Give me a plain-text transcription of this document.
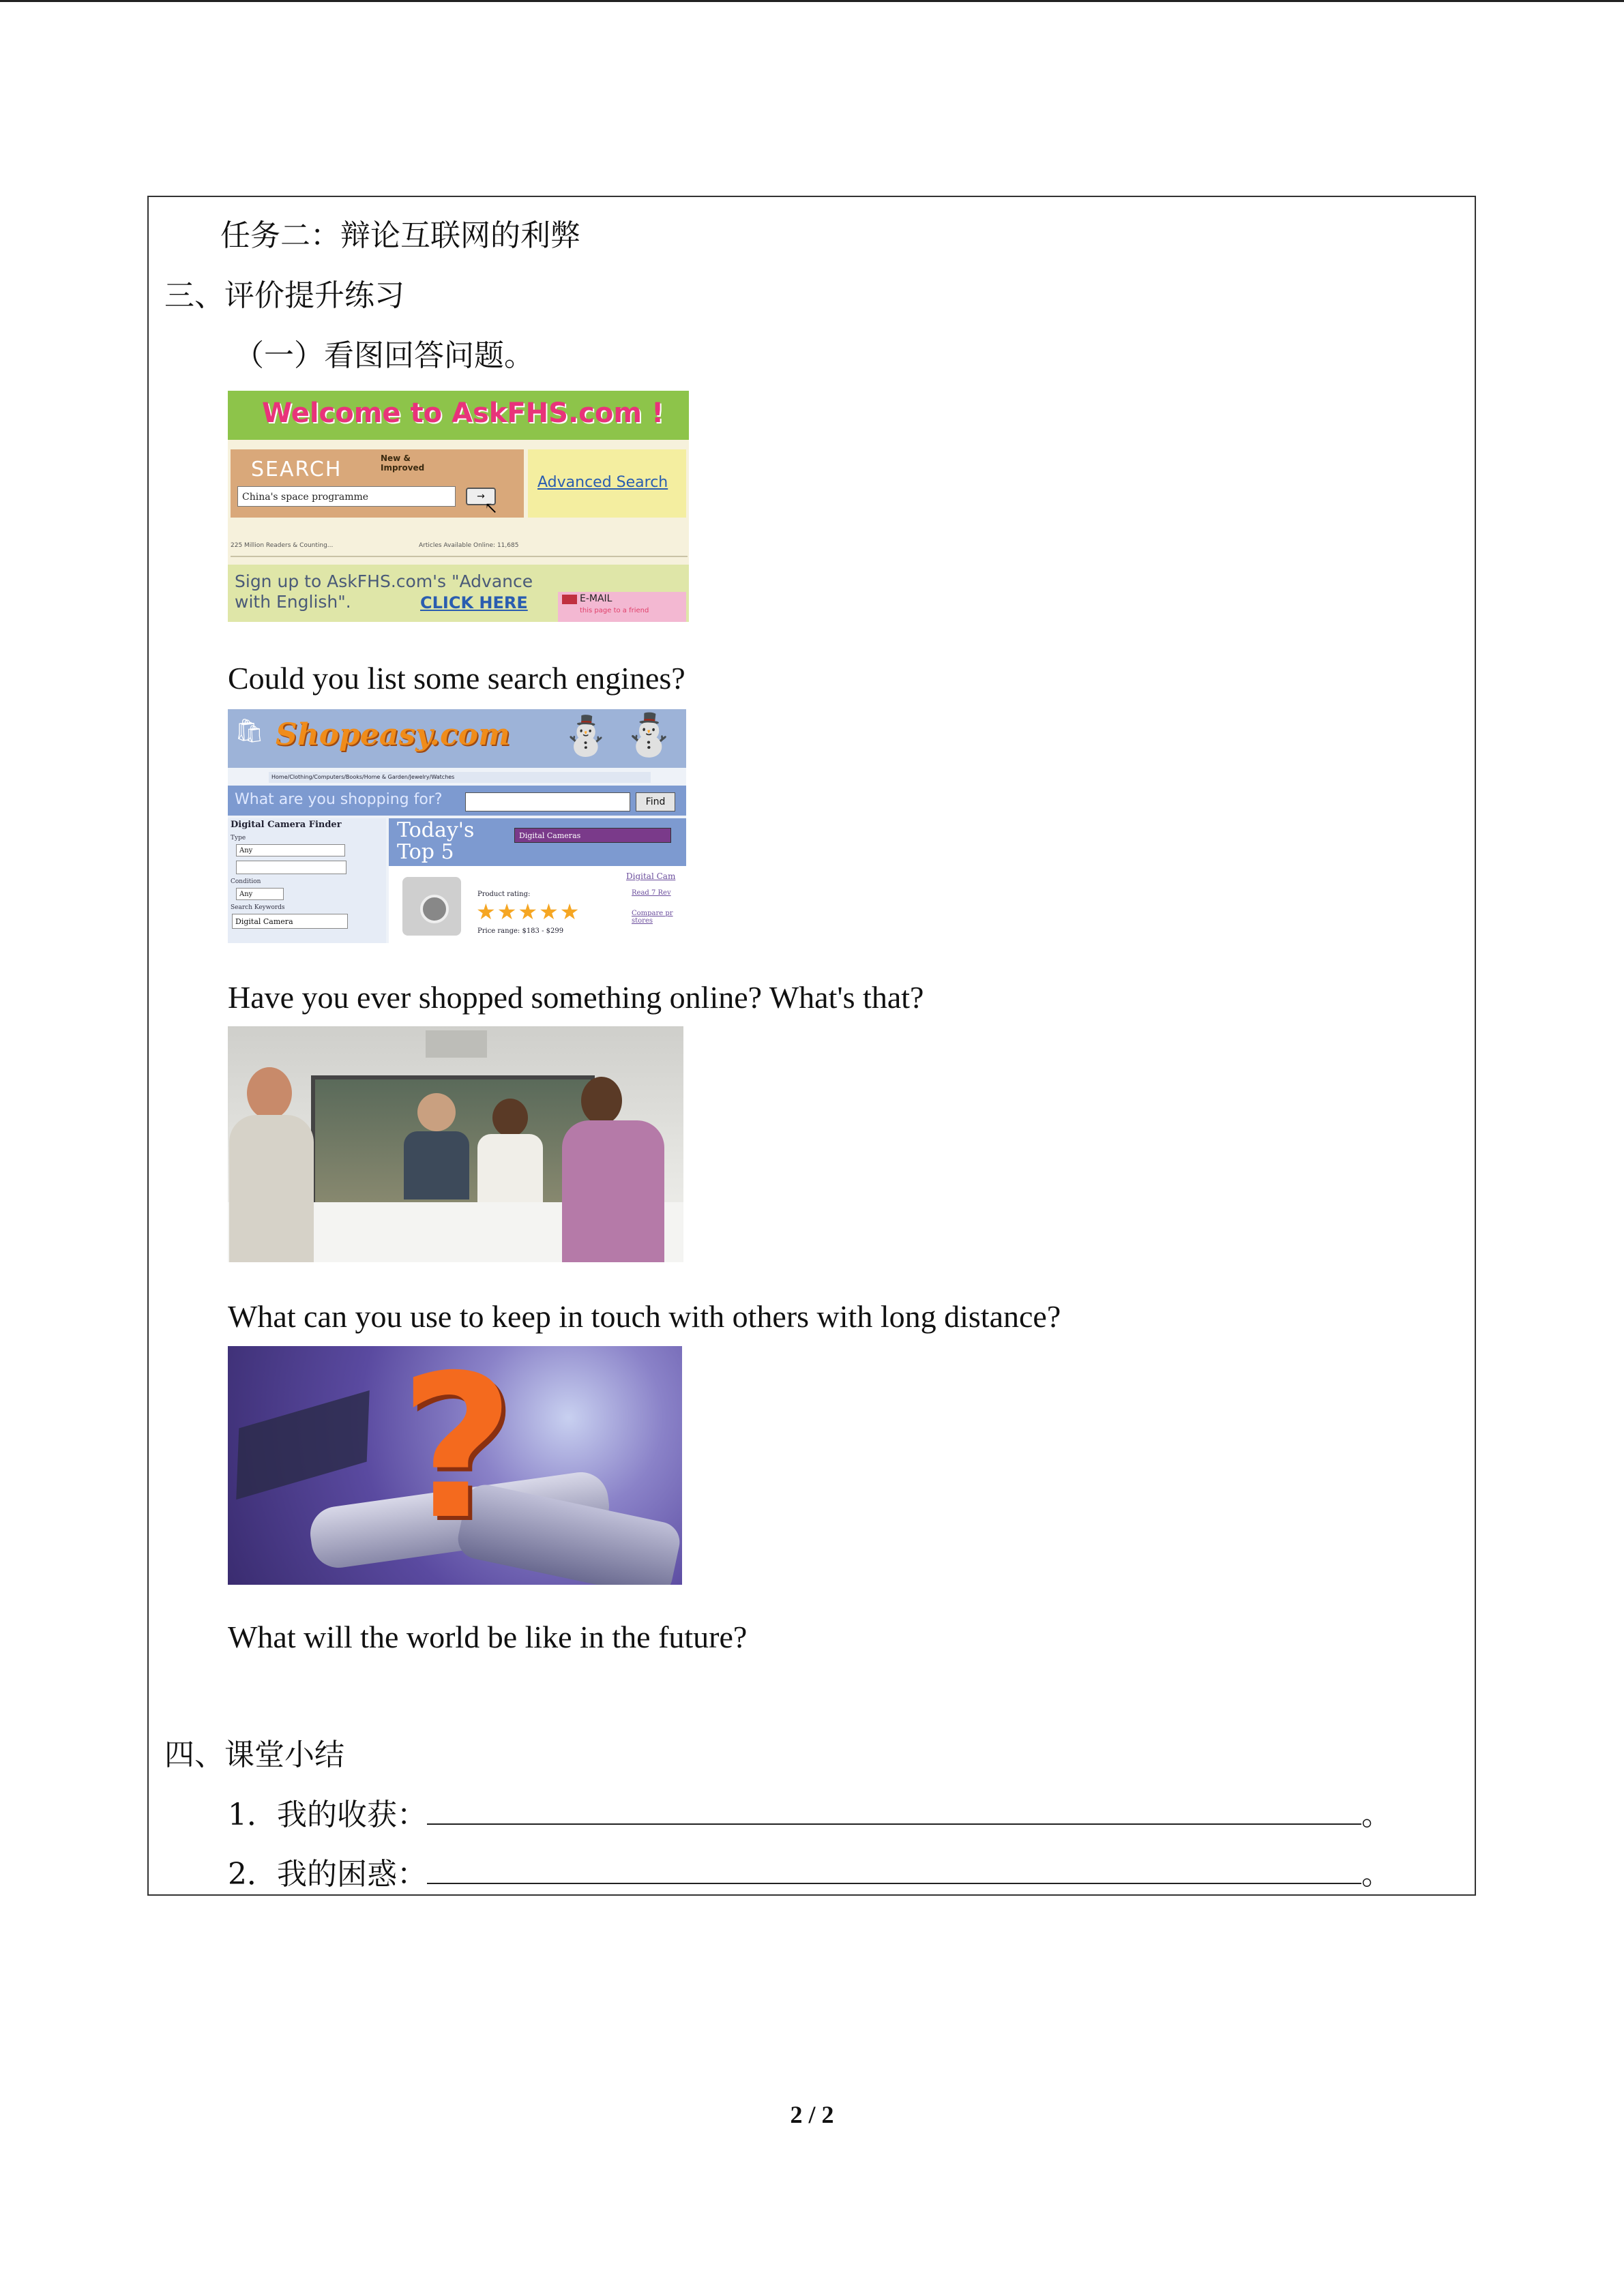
任务二：辩论互联网的利弊
三、评价提升练习
（一）看图回答问题。
Welcome to AskFHS.com !
SEARCH	New & Improved
China's space programme	→
↖
Advanced Search
225 Million Readers & Counting...	Articles Available Online: 11,685
Sign up to AskFHS.com's "Advance with English".	CLICK HERE	E-MAIL
this page to a friend
Could you list some search engines?
🛍 Shopeasy.com ⛄ ⛄
Home/Clothing/Computers/Books/Home & Garden/Jewelry/Watches
What are you shopping for?	Find
Digital Camera Finder
Type
Any
Condition
Any
Search Keywords
Digital Camera
Today's Top 5
Digital Cameras
Product rating:
★★★★★
Price range: $183 - $299
Digital Cam
Read 7 Rev
Compare pr stores
Have you ever shopped something online? What's that?
What can you use to keep in touch with others with long distance?
?
What will the world be like in the future?
四、课堂小结
1．我的收获：	。
2．我的困惑：	。
2 / 2
